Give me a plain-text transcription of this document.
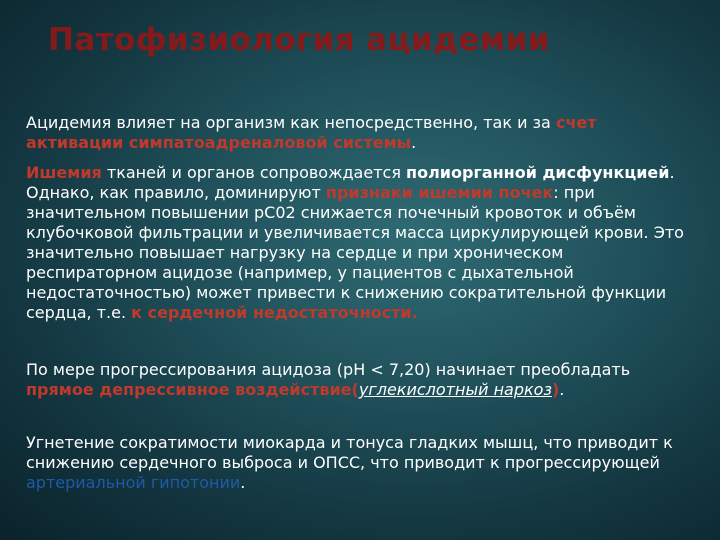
Патофизиология ацидемии

Ацидемия влияет на организм как непосредственно, так и за счет активации симпатоадреналовой системы.

Ишемия тканей и органов сопровождается полиорганной дисфункцией. Однако, как правило, доминируют признаки ишемии почек: при значительном повышении pC02 снижается почечный кровоток и объём клубочковой фильтрации и увеличивается масса циркулирующей крови. Это значительно повышает нагрузку на сердце и при хроническом респираторном ацидозе (например, у пациентов с дыхательной недостаточностью) может привести к снижению сократительной функции сердца, т.е. к сердечной недостаточности.

По мере прогрессирования ацидоза (рН < 7,20) начинает преобладать прямое депрессивное воздействие(углекислотный наркоз).

Угнетение сократимости миокарда и тонуса гладких мышц, что приводит к снижению сердечного выброса и ОПСС, что приводит к прогрессирующей артериальной гипотонии.
